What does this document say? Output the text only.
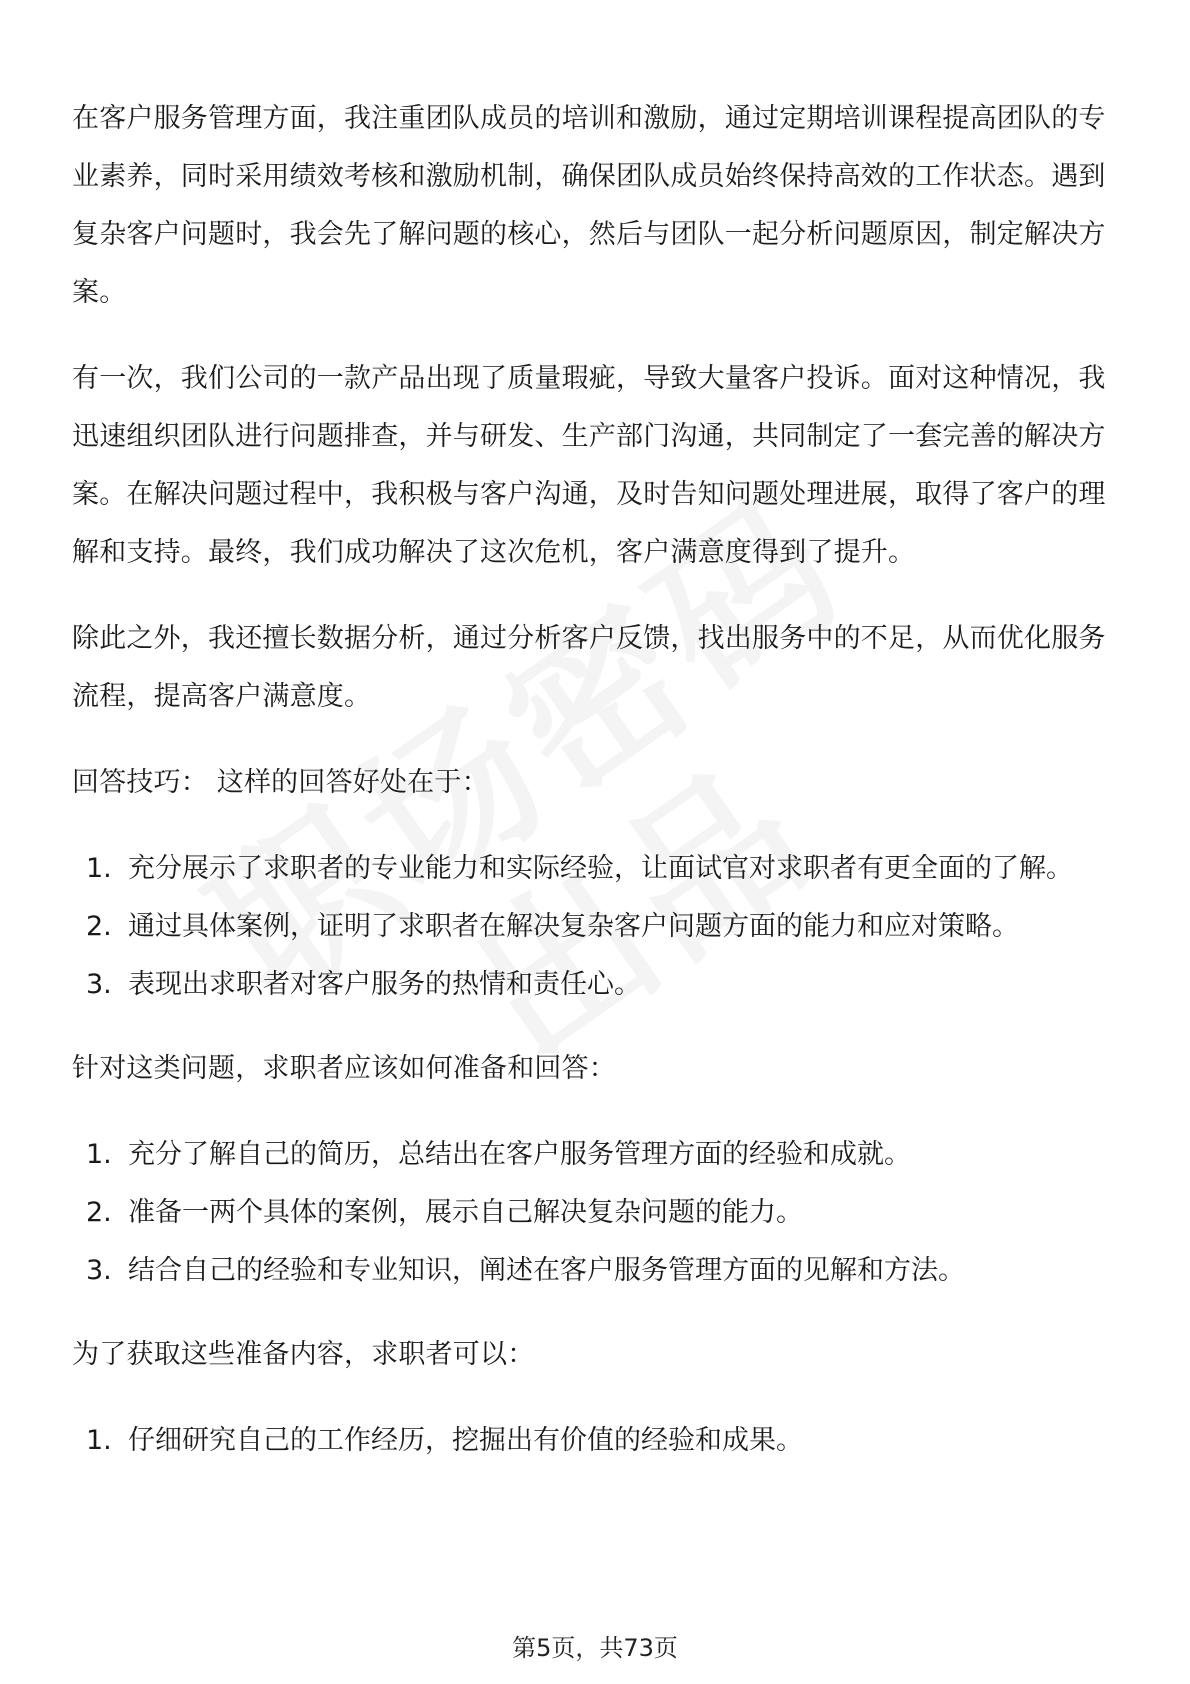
在客户服务管理方面，我注重团队成员的培训和激励，通过定期培训课程提高团队的专业素养，同时采用绩效考核和激励机制，确保团队成员始终保持高效的工作状态。遇到复杂客户问题时，我会先了解问题的核心，然后与团队一起分析问题原因，制定解决方案。

有一次，我们公司的一款产品出现了质量瑕疵，导致大量客户投诉。面对这种情况，我迅速组织团队进行问题排查，并与研发、生产部门沟通，共同制定了一套完善的解决方案。在解决问题过程中，我积极与客户沟通，及时告知问题处理进展，取得了客户的理解和支持。最终，我们成功解决了这次危机，客户满意度得到了提升。

除此之外，我还擅长数据分析，通过分析客户反馈，找出服务中的不足，从而优化服务流程，提高客户满意度。

回答技巧： 这样的回答好处在于：

1. 充分展示了求职者的专业能力和实际经验，让面试官对求职者有更全面的了解。
2. 通过具体案例，证明了求职者在解决复杂客户问题方面的能力和应对策略。
3. 表现出求职者对客户服务的热情和责任心。

针对这类问题，求职者应该如何准备和回答：

1. 充分了解自己的简历，总结出在客户服务管理方面的经验和成就。
2. 准备一两个具体的案例，展示自己解决复杂问题的能力。
3. 结合自己的经验和专业知识，阐述在客户服务管理方面的见解和方法。

为了获取这些准备内容，求职者可以：

1. 仔细研究自己的工作经历，挖掘出有价值的经验和成果。
第5页，共73页
